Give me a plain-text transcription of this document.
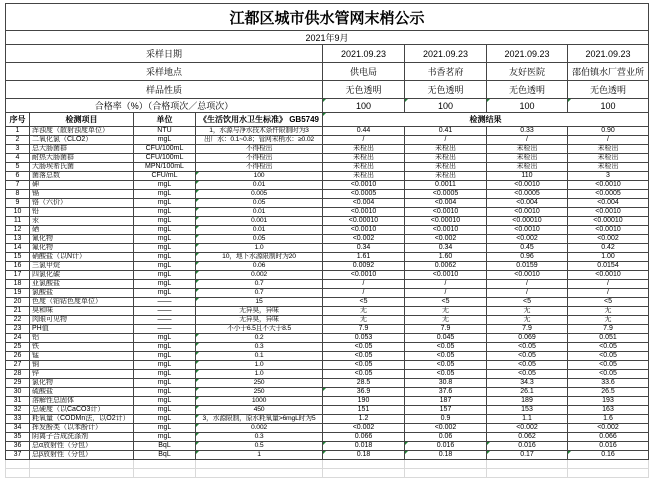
江都区城市供水管网末梢公示							
2021年9月							
采样日期				2021.09.23	2021.09.23	2021.09.23	2021.09.23
采样地点				供电局	书香茗府	友好医院	邵伯镇水厂营业所
样品性质				无色透明	无色透明	无色透明	无色透明
合格率（%）（合格项次／总项次）				100	100	100	100

序号	检测项目	单位	《生活饮用水卫生标准》 GB5749	检测结果			
1	浑浊度（散射浊度单位）	NTU	1，水源与净水技术条件限制时为3	0.44	0.41	0.33	0.90
2	二氧化氯（CLO2）	mgL	出厂水：0.1~0.8；管网末梢水：≥0.02	/	/	/	/
3	总大肠菌群	CFU/100mL	不得检出	未检出	未检出	未检出	未检出
4	耐热大肠菌群	CFU/100mL	不得检出	未检出	未检出	未检出	未检出
5	大肠埃希氏菌	MPN/100mL	不得检出	未检出	未检出	未检出	未检出
6	菌落总数	CFU/mL	100	未检出	未检出	110	3
7	砷	mgL	0.01	<0.0010	0.0011	<0.0010	<0.0010
8	镉	mgL	0.005	<0.0005	<0.0005	<0.0005	<0.0005
9	铬（六价）	mgL	0.05	<0.004	<0.004	<0.004	<0.004
10	铅	mgL	0.01	<0.0010	<0.0010	<0.0010	<0.0010
11	汞	mgL	0.001	<0.00010	<0.00010	<0.00010	<0.00010
12	硒	mgL	0.01	<0.0010	<0.0010	<0.0010	<0.0010
13	氰化物	mgL	0.05	<0.002	<0.002	<0.002	<0.002
14	氟化物	mgL	1.0	0.34	0.34	0.45	0.42
15	硝酸盐（以N计）	mgL	10，地下水源限制时为20	1.61	1.60	0.96	1.00
16	三氯甲烷	mgL	0.06	0.0092	0.0062	0.0159	0.0154
17	四氯化碳	mgL	0.002	<0.0010	<0.0010	<0.0010	<0.0010
18	亚氯酸盐	mgL	0.7	/	/	/	/
19	氯酸盐	mgL	0.7	/	/	/	/
20	色度（铂钴色度单位）	——	15	<5	<5	<5	<5
21	臭和味	——	无异臭，异味	无	无	无	无
22	肉眼可见物	——	无异臭，异味	无	无	无	无
23	PH值	——	不小于6.5且不大于8.5	7.9	7.9	7.9	7.9
24	铝	mgL	0.2	0.053	0.045	0.069	0.051
25	铁	mgL	0.3	<0.05	<0.05	<0.05	<0.05
26	锰	mgL	0.1	<0.05	<0.05	<0.05	<0.05
27	铜	mgL	1.0	<0.05	<0.05	<0.05	<0.05
28	锌	mgL	1.0	<0.05	<0.05	<0.05	<0.05
29	氯化物	mgL	250	28.5	30.8	34.3	33.6
30	硫酸盐	mgL	250	36.9	37.6	26.1	26.5
31	溶解性总固体	mgL	1000	190	187	189	193
32	总硬度（以CaCO3计）	mgL	450	151	157	153	163
33	耗氧量（CODMn法，以O2计）	mgL	3，水源限制，原水耗氧量>6mgL时为5	1.2	0.9	1.1	1.6
34	挥发酚类（以苯酚计）	mgL	0.002	<0.002	<0.002	<0.002	<0.002
35	阴离子合成洗涤剂	mgL	0.3	0.066	0.06	0.062	0.066
36	总α放射性（分包）	BqL	0.5	0.018	0.016	0.016	0.016
37	总β放射性（分包）	BqL	1	0.18	0.18	0.17	0.16
